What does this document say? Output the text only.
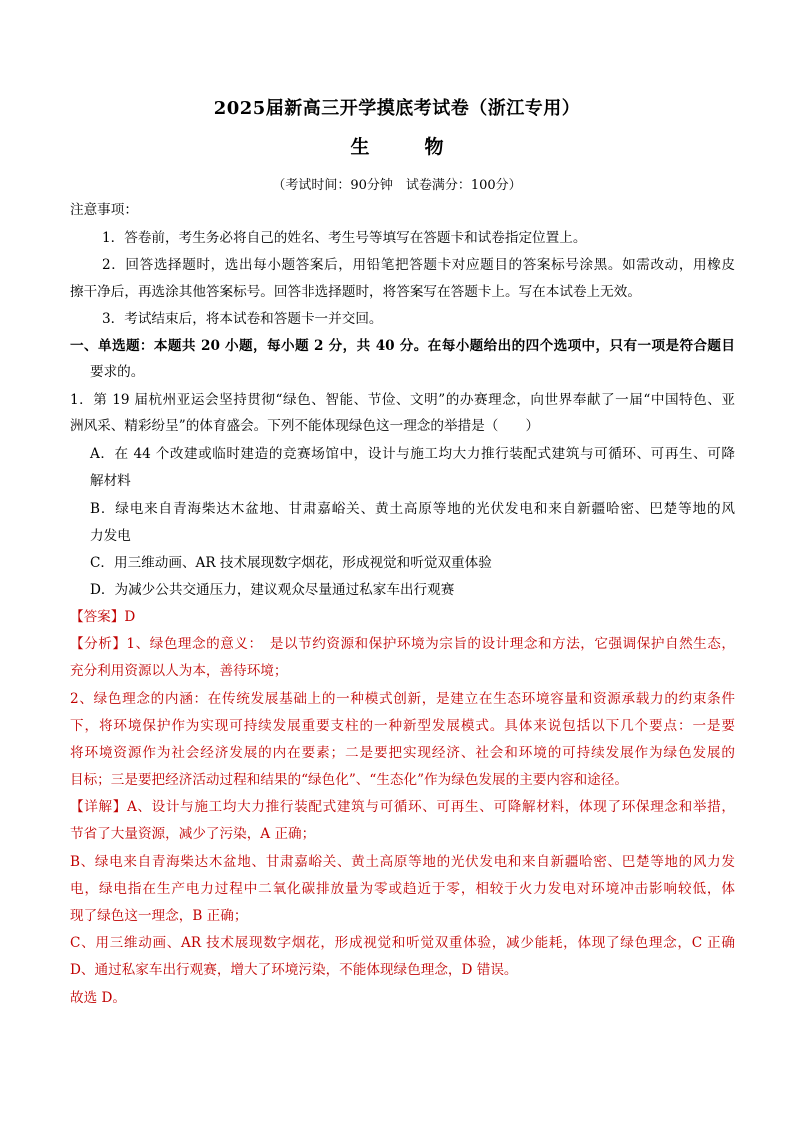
2025届新高三开学摸底考试卷（浙江专用）
生物
（考试时间：90分钟　试卷满分：100分）
注意事项：
1．答卷前，考生务必将自己的姓名、考生号等填写在答题卡和试卷指定位置上。
2．回答选择题时，选出每小题答案后，用铅笔把答题卡对应题目的答案标号涂黑。如需改动，用橡皮
擦干净后，再选涂其他答案标号。回答非选择题时，将答案写在答题卡上。写在本试卷上无效。
3．考试结束后，将本试卷和答题卡一并交回。
一、单选题：本题共 20 小题，每小题 2 分，共 40 分。在每小题给出的四个选项中，只有一项是符合题目
要求的。
1．第 19 届杭州亚运会坚持贯彻“绿色、智能、节俭、文明”的办赛理念，向世界奉献了一届“中国特色、亚
洲风采、精彩纷呈”的体育盛会。下列不能体现绿色这一理念的举措是（　　）
A．在 44 个改建或临时建造的竞赛场馆中，设计与施工均大力推行装配式建筑与可循环、可再生、可降
解材料
B．绿电来自青海柴达木盆地、甘肃嘉峪关、黄土高原等地的光伏发电和来自新疆哈密、巴楚等地的风
力发电
C．用三维动画、AR 技术展现数字烟花，形成视觉和听觉双重体验
D．为减少公共交通压力，建议观众尽量通过私家车出行观赛
【答案】D
【分析】1、绿色理念的意义：　是以节约资源和保护环境为宗旨的设计理念和方法，它强调保护自然生态，
充分利用资源以人为本，善待环境；
2、绿色理念的内涵：在传统发展基础上的一种模式创新，是建立在生态环境容量和资源承载力的约束条件
下，将环境保护作为实现可持续发展重要支柱的一种新型发展模式。具体来说包括以下几个要点：一是要
将环境资源作为社会经济发展的内在要素；二是要把实现经济、社会和环境的可持续发展作为绿色发展的
目标；三是要把经济活动过程和结果的“绿色化”、“生态化”作为绿色发展的主要内容和途径。
【详解】A、设计与施工均大力推行装配式建筑与可循环、可再生、可降解材料，体现了环保理念和举措，
节省了大量资源，减少了污染，A 正确；
B、绿电来自青海柴达木盆地、甘肃嘉峪关、黄土高原等地的光伏发电和来自新疆哈密、巴楚等地的风力发
电，绿电指在生产电力过程中二氧化碳排放量为零或趋近于零，相较于火力发电对环境冲击影响较低，体
现了绿色这一理念，B 正确；
C、用三维动画、AR 技术展现数字烟花，形成视觉和听觉双重体验，减少能耗，体现了绿色理念，C 正确
D、通过私家车出行观赛，增大了环境污染，不能体现绿色理念，D 错误。
故选 D。
